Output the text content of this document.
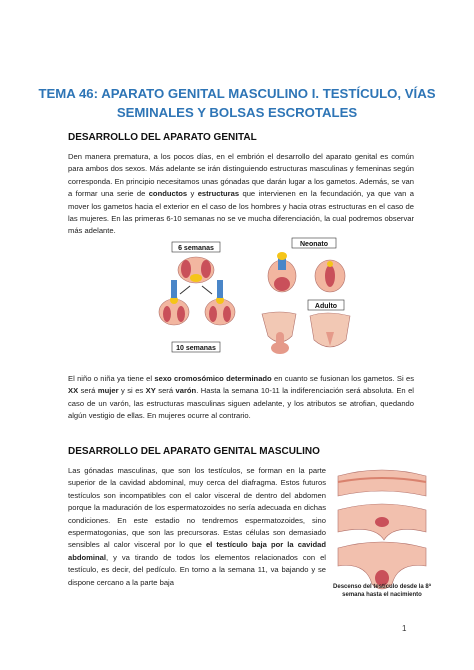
TEMA 46: APARATO GENITAL MASCULINO I. TESTÍCULO, VÍAS SEMINALES Y BOLSAS ESCROTALES
DESARROLLO DEL APARATO GENITAL
Den manera prematura, a los pocos días, en el embrión el desarrollo del aparato genital es común para ambos dos sexos. Más adelante se irán distinguiendo estructuras masculinas y femeninas según corresponda. En principio necesitamos unas gónadas que darán lugar a los gametos. Además, se van a formar una serie de conductos y estructuras que intervienen en la fecundación, ya que van a mover los gametos hacia el exterior en el caso de los hombres y hacia otras estructuras en el caso de las mujeres. En las primeras 6-10 semanas no se ve mucha diferenciación, la cual podremos observar más adelante.
6 semanas
10 semanas
Neonato
Adulto
El niño o niña ya tiene el sexo cromosómico determinado en cuanto se fusionan los gametos. Si es XX será mujer y si es XY será varón. Hasta la semana 10-11 la indiferenciación será absoluta. En el caso de un varón, las estructuras masculinas siguen adelante, y los atributos se atrofian, quedando algún vestigio de ellas. En mujeres ocurre al contrario.
DESARROLLO DEL APARATO GENITAL MASCULINO
Las gónadas masculinas, que son los testículos, se forman en la parte superior de la cavidad abdominal, muy cerca del diafragma. Estos futuros testículos son incompatibles con el calor visceral de dentro del abdomen porque la maduración de los espermatozoides no sería adecuada en dichas condiciones. En este estadio no tendremos espermatozoides, sino espermatogonias, que son las precursoras. Estas células son demasiado sensibles al calor visceral por lo que el testículo baja por la cavidad abdominal, y va tirando de todos los elementos relacionados con el testículo, es decir, del pedículo. En torno a la semana 11, va bajando y se dispone cercano a la parte baja
Descenso del testículo desde la 8ª semana hasta el nacimiento
1
